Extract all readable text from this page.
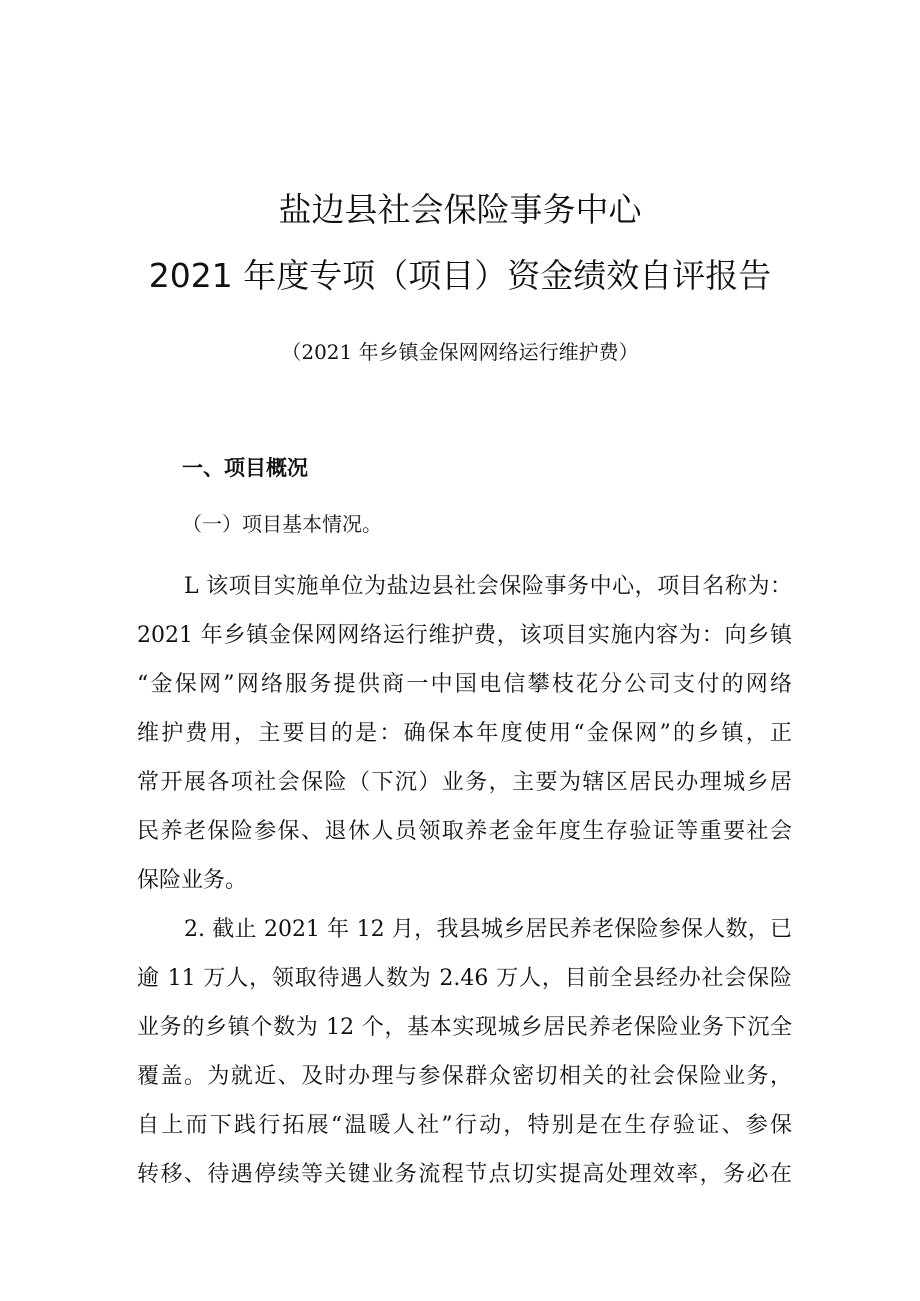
盐边县社会保险事务中心
2021 年度专项（项目）资金绩效自评报告
（2021 年乡镇金保网网络运行维护费）
一、项目概况
（一）项目基本情况。
L 该项目实施单位为盐边县社会保险事务中心，项目名称为：
2021 年乡镇金保网网络运行维护费，该项目实施内容为：向乡镇
“金保网”网络服务提供商一中国电信攀枝花分公司支付的网络
维护费用，主要目的是：确保本年度使用“金保网”的乡镇，正
常开展各项社会保险（下沉）业务，主要为辖区居民办理城乡居
民养老保险参保、退休人员领取养老金年度生存验证等重要社会
保险业务。
2. 截止 2021 年 12 月，我县城乡居民养老保险参保人数，已
逾 11 万人，领取待遇人数为 2.46 万人，目前全县经办社会保险
业务的乡镇个数为 12 个，基本实现城乡居民养老保险业务下沉全
覆盖。为就近、及时办理与参保群众密切相关的社会保险业务，
自上而下践行拓展“温暖人社”行动，特别是在生存验证、参保
转移、待遇停续等关键业务流程节点切实提高处理效率，务必在
